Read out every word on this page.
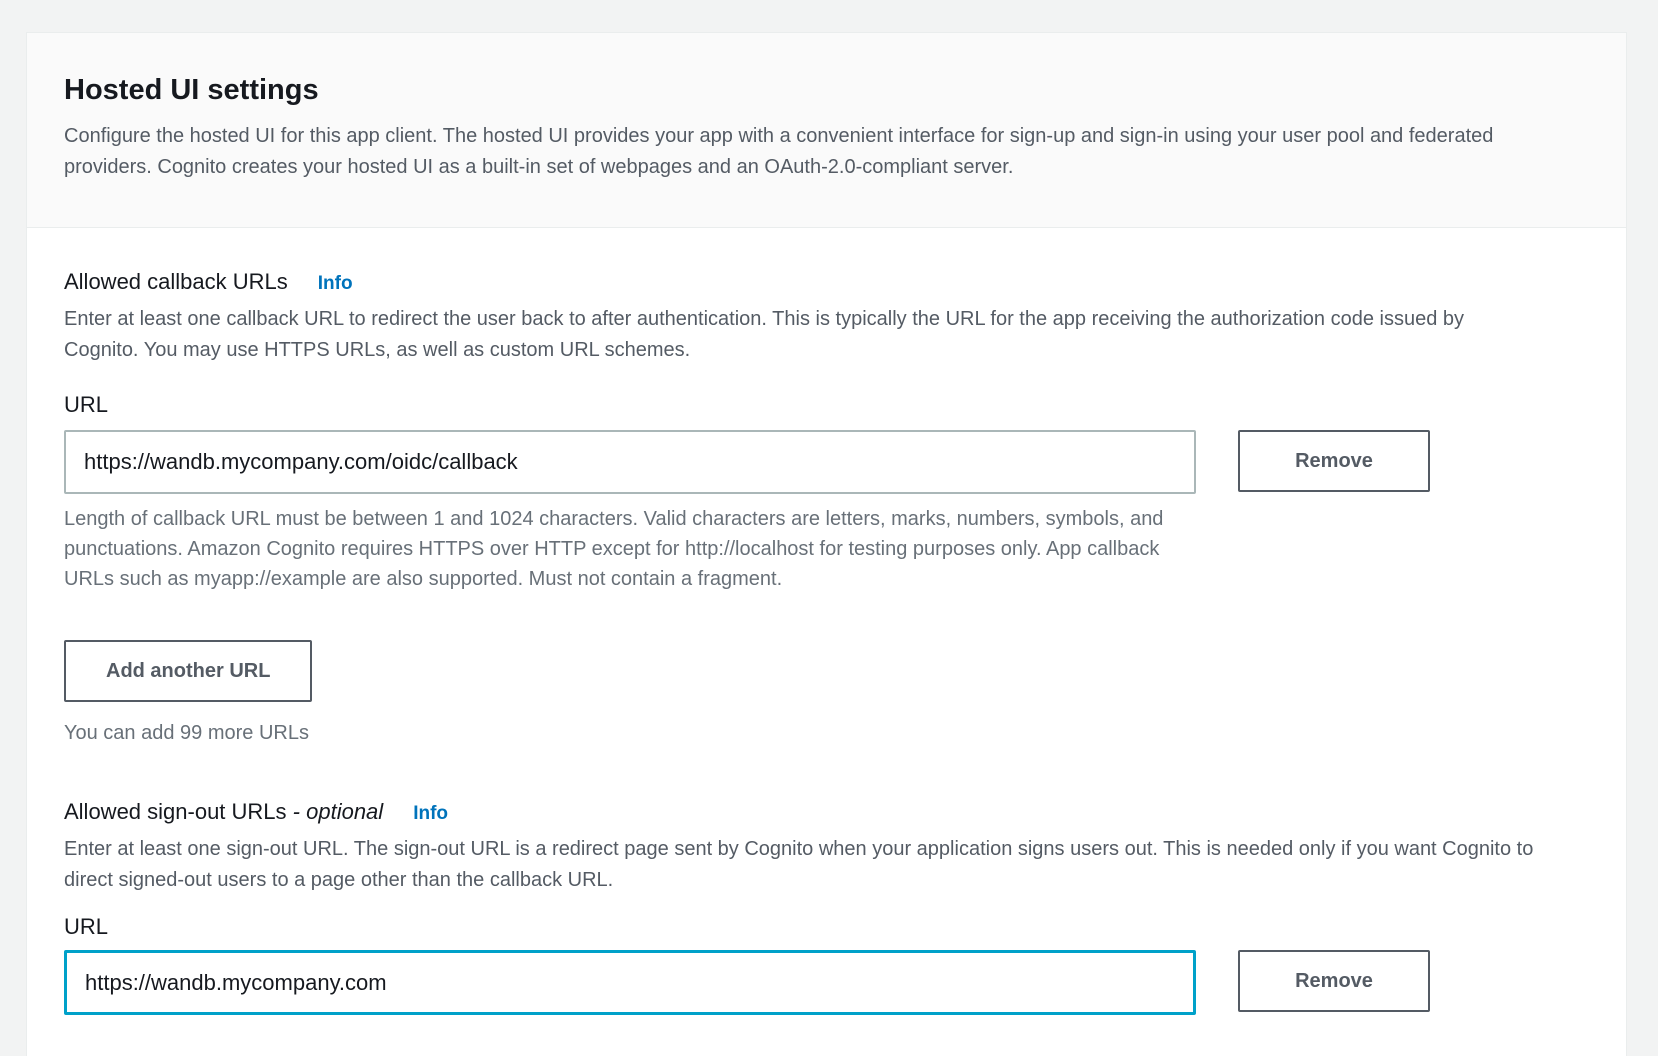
Hosted UI settings
Configure the hosted UI for this app client. The hosted UI provides your app with a convenient interface for sign-up and sign-in using your user pool and federated providers. Cognito creates your hosted UI as a built-in set of webpages and an OAuth-2.0-compliant server.
Allowed callback URLs Info
Enter at least one callback URL to redirect the user back to after authentication. This is typically the URL for the app receiving the authorization code issued by Cognito. You may use HTTPS URLs, as well as custom URL schemes.
URL
https://wandb.mycompany.com/oidc/callback
Remove
Length of callback URL must be between 1 and 1024 characters. Valid characters are letters, marks, numbers, symbols, and punctuations. Amazon Cognito requires HTTPS over HTTP except for http://localhost for testing purposes only. App callback URLs such as myapp://example are also supported. Must not contain a fragment.
Add another URL
You can add 99 more URLs
Allowed sign-out URLs - optional Info
Enter at least one sign-out URL. The sign-out URL is a redirect page sent by Cognito when your application signs users out. This is needed only if you want Cognito to direct signed-out users to a page other than the callback URL.
URL
https://wandb.mycompany.com
Remove
